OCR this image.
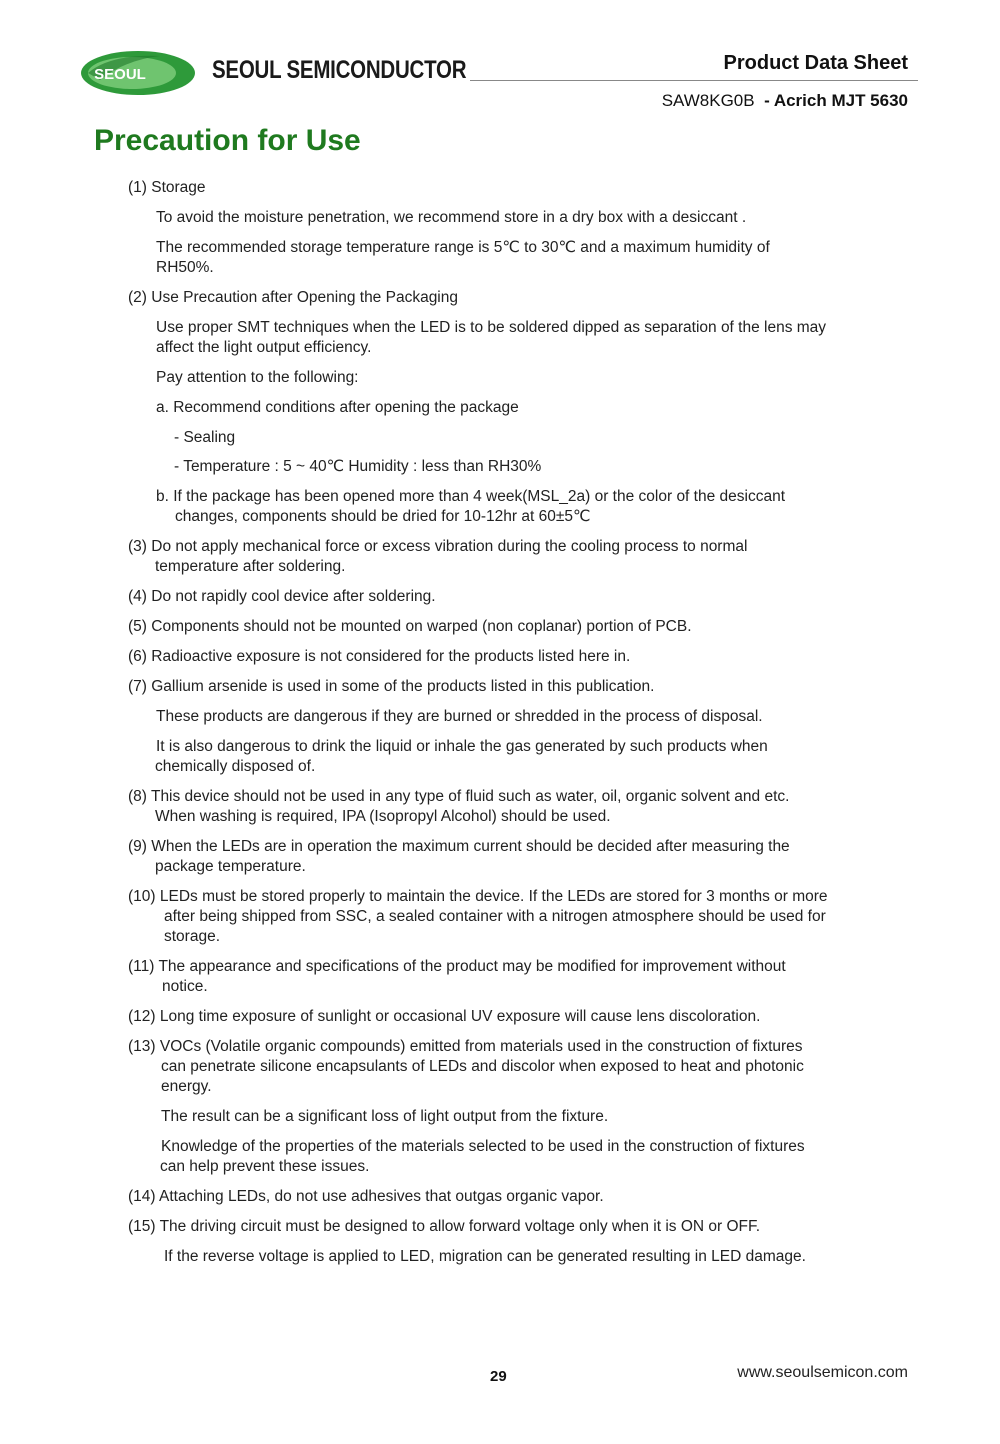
SEOUL	SEOUL SEMICONDUCTOR	Product Data Sheet
SAW8KG0B - Acrich MJT 5630
Precaution for Use
(1) Storage
To avoid the moisture penetration, we recommend store in a dry box with a desiccant .
The recommended storage temperature range is 5℃ to 30℃ and a maximum humidity of
RH50%.
(2) Use Precaution after Opening the Packaging
Use proper SMT techniques when the LED is to be soldered dipped as separation of the lens may
affect the light output efficiency.
Pay attention to the following:
a. Recommend conditions after opening the package
- Sealing
- Temperature : 5 ~ 40℃ Humidity : less than RH30%
b. If the package has been opened more than 4 week(MSL_2a) or the color of the desiccant
changes, components should be dried for 10-12hr at 60±5℃
(3) Do not apply mechanical force or excess vibration during the cooling process to normal
temperature after soldering.
(4) Do not rapidly cool device after soldering.
(5) Components should not be mounted on warped (non coplanar) portion of PCB.
(6) Radioactive exposure is not considered for the products listed here in.
(7) Gallium arsenide is used in some of the products listed in this publication.
These products are dangerous if they are burned or shredded in the process of disposal.
It is also dangerous to drink the liquid or inhale the gas generated by such products when
chemically disposed of.
(8) This device should not be used in any type of fluid such as water, oil, organic solvent and etc.
When washing is required, IPA (Isopropyl Alcohol) should be used.
(9) When the LEDs are in operation the maximum current should be decided after measuring the
package temperature.
(10) LEDs must be stored properly to maintain the device. If the LEDs are stored for 3 months or more
after being shipped from SSC, a sealed container with a nitrogen atmosphere should be used for
storage.
(11) The appearance and specifications of the product may be modified for improvement without
notice.
(12) Long time exposure of sunlight or occasional UV exposure will cause lens discoloration.
(13) VOCs (Volatile organic compounds) emitted from materials used in the construction of fixtures
can penetrate silicone encapsulants of LEDs and discolor when exposed to heat and photonic
energy.
The result can be a significant loss of light output from the fixture.
Knowledge of the properties of the materials selected to be used in the construction of fixtures
can help prevent these issues.
(14) Attaching LEDs, do not use adhesives that outgas organic vapor.
(15) The driving circuit must be designed to allow forward voltage only when it is ON or OFF.
If the reverse voltage is applied to LED, migration can be generated resulting in LED damage.
29	www.seoulsemicon.com
